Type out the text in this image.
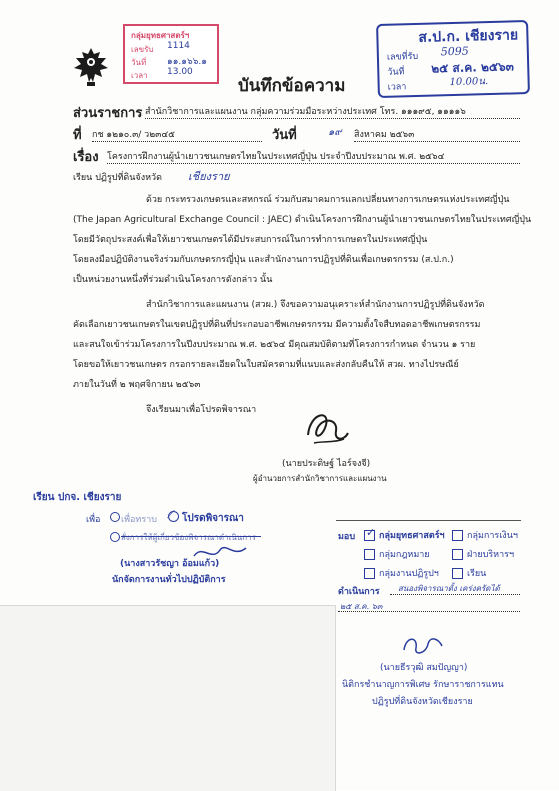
กลุ่มยุทธศาสตร์ฯ
เลขรับ 1114
วันที่ ๑๑.๑๖๖.๑
เวลา 13.00
ส.ป.ก. เชียงราย
เลขที่รับ 5095
วันที่ ๒๕ ส.ค. ๒๕๖๓
เวลา	10.00น.
บันทึกข้อความ
ส่วนราชการ สำนักวิชาการและแผนงาน กลุ่มความร่วมมือระหว่างประเทศ โทร. ๑๑๑๙๕, ๑๑๑๑๖
ที่ กช ๑๒๑๐.๓/ ว๒๓๔๕	วันที่	๑๙ สิงหาคม ๒๕๖๓
เรื่อง โครงการฝึกงานผู้นำเยาวชนเกษตรไทยในประเทศญี่ปุ่น ประจำปีงบประมาณ พ.ศ. ๒๕๖๔
เรียน ปฏิรูปที่ดินจังหวัด เชียงราย
ด้วย กระทรวงเกษตรและสหกรณ์ ร่วมกับสมาคมการแลกเปลี่ยนทางการเกษตรแห่งประเทศญี่ปุ่น
(The Japan Agricultural Exchange Council : JAEC) ดำเนินโครงการฝึกงานผู้นำเยาวชนเกษตรไทยในประเทศญี่ปุ่น
โดยมีวัตถุประสงค์เพื่อให้เยาวชนเกษตรได้มีประสบการณ์ในการทำการเกษตรในประเทศญี่ปุ่น
โดยลงมือปฏิบัติงานจริงร่วมกับเกษตรกรญี่ปุ่น และสำนักงานการปฏิรูปที่ดินเพื่อเกษตรกรรม (ส.ป.ก.)
เป็นหน่วยงานหนึ่งที่ร่วมดำเนินโครงการดังกล่าว นั้น
สำนักวิชาการและแผนงาน (สวผ.) จึงขอความอนุเคราะห์สำนักงานการปฏิรูปที่ดินจังหวัด
คัดเลือกเยาวชนเกษตรในเขตปฏิรูปที่ดินที่ประกอบอาชีพเกษตรกรรม มีความตั้งใจสืบทอดอาชีพเกษตรกรรม
และสนใจเข้าร่วมโครงการในปีงบประมาณ พ.ศ. ๒๕๖๔ มีคุณสมบัติตามที่โครงการกำหนด จำนวน ๑ ราย
โดยขอให้เยาวชนเกษตร กรอกรายละเอียดในใบสมัครตามที่แนบและส่งกลับคืนให้ สวผ. ทางไปรษณีย์
ภายในวันที่ ๒ พฤศจิกายน ๒๕๖๓
จึงเรียนมาเพื่อโปรดพิจารณา
(นายประดิษฐ์ ไอร์จงจี)
ผู้อำนวยการสำนักวิชาการและแผนงาน
เรียน ปกจ. เชียงราย
เพื่อ เพื่อทราบ ⟋ โปรดพิจารณา
สั่งการให้ผู้เกี่ยวข้องพิจารณาดำเนินการ
(นางสาวรัชญา อ้อมแก้ว)
นักจัดการงานทั่วไปปฏิบัติการ
มอบ ✓ กลุ่มยุทธศาสตร์ฯ	กลุ่มการเงินฯ
กลุ่มกฎหมาย	ฝ่ายบริหารฯ
กลุ่มงานปฏิรูปฯ	เรียน
ดำเนินการ สนองพิจารณาตั้ง เคร่งครัดได้
๒๕ ส.ค. ๖๓
(นายธีรวุฒิ สมปัญญา)
นิติกรชำนาญการพิเศษ รักษาราชการแทน
ปฏิรูปที่ดินจังหวัดเชียงราย
